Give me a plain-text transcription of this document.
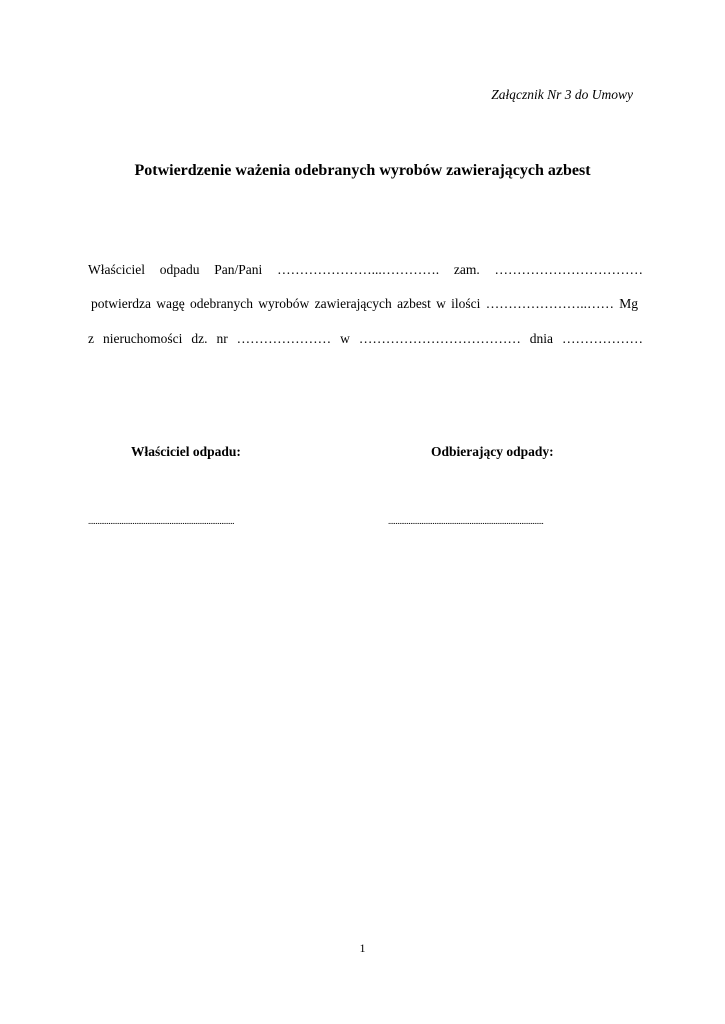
Załącznik Nr 3 do Umowy
Potwierdzenie ważenia odebranych wyrobów zawierających azbest
Właściciel odpadu Pan/Pani …………………...…………. zam. ……………………………
potwierdza wagę odebranych wyrobów zawierających azbest w ilości …………………..…… Mg
z nieruchomości dz. nr ………………… w ……………………………… dnia ………………
Właściciel odpadu:	Odbierający odpady:
...............................................................................	....................................................................................
1
